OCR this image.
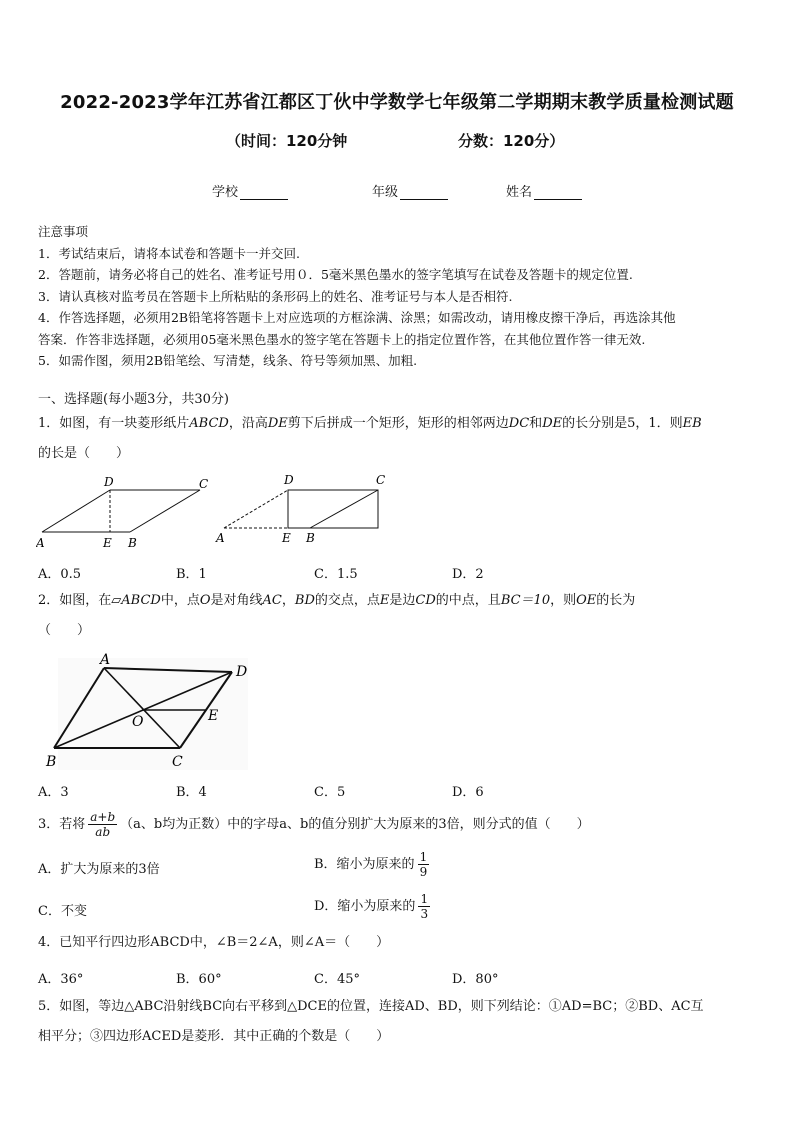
2022-2023学年江苏省江都区丁伙中学数学七年级第二学期期末教学质量检测试题
（时间：120分钟	分数：120分）
学校	年级	姓名

注意事项

1．考试结束后，请将本试卷和答题卡一并交回.

2．答题前，请务必将自己的姓名、准考证号用０．5毫米黑色墨水的签字笔填写在试卷及答题卡的规定位置.

3．请认真核对监考员在答题卡上所粘贴的条形码上的姓名、准考证号与本人是否相符.

4．作答选择题，必须用2B铅笔将答题卡上对应选项的方框涂满、涂黑；如需改动，请用橡皮擦干净后，再选涂其他

答案．作答非选择题，必须用05毫米黑色墨水的签字笔在答题卡上的指定位置作答，在其他位置作答一律无效.

5．如需作图，须用2B铅笔绘、写清楚，线条、符号等须加黑、加粗.

一、选择题(每小题3分，共30分)

1．如图，有一块菱形纸片ABCD，沿高DE剪下后拼成一个矩形，矩形的相邻两边DC和DE的长分别是5，1．则EB

的长是（　　）

A	E B
D	C
A	E B
D	C
A．0.5	B．1	C．1.5	D．2

2．如图，在▱ABCD中，点O是对角线AC，BD的交点，点E是边CD的中点，且BC＝10，则OE的长为

（　　）

A
D
O	E
B	C
A．3	B．4	C．5	D．6

3．若将 $\frac{a+b}{ab} (a$、b均为正数）中的字母a、b的值分别扩大为原来的3倍，则分式的值（　　）

A．扩大为原来的3倍	B．缩小为原来的 $\frac{1}{9}$
C．不变	D．缩小为原来的 $\frac{1}{3}$

4．已知平行四边形ABCD中，∠B＝2∠A，则∠A＝（　　）

A．36°	B．60°	C．45°	D．80°

5．如图，等边△ABC沿射线BC向右平移到△DCE的位置，连接AD、BD，则下列结论：①AD=BC；②BD、AC互

相平分；③四边形ACED是菱形．其中正确的个数是（　　）
